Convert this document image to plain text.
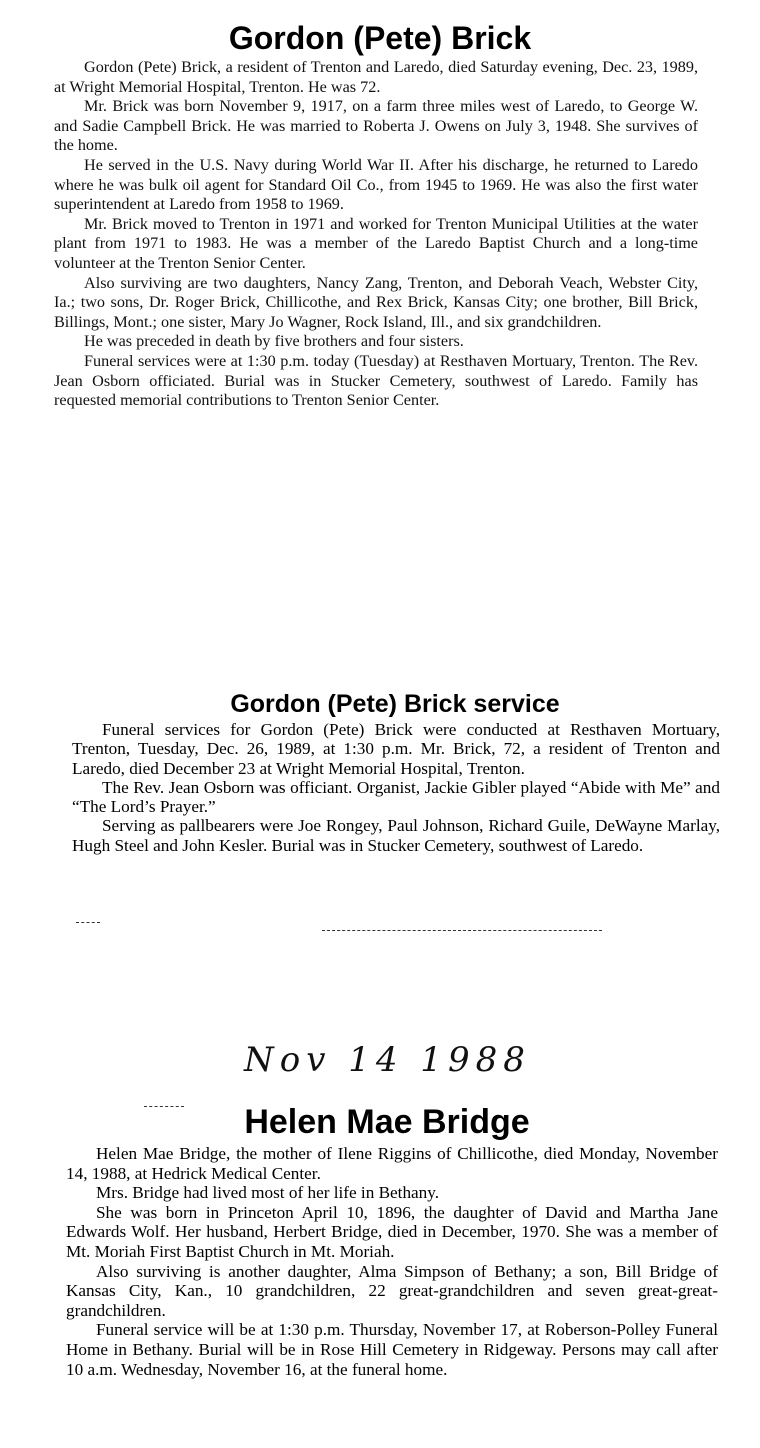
Gordon (Pete) Brick

Gordon (Pete) Brick, a resident of Trenton and Laredo, died Saturday evening, Dec. 23, 1989, at Wright Memorial Hospital, Trenton. He was 72.

Mr. Brick was born November 9, 1917, on a farm three miles west of Laredo, to George W. and Sadie Campbell Brick. He was married to Roberta J. Owens on July 3, 1948. She survives of the home.

He served in the U.S. Navy during World War II. After his discharge, he returned to Laredo where he was bulk oil agent for Standard Oil Co., from 1945 to 1969. He was also the first water superintendent at Laredo from 1958 to 1969.

Mr. Brick moved to Trenton in 1971 and worked for Trenton Municipal Utilities at the water plant from 1971 to 1983. He was a member of the Laredo Baptist Church and a long-time volunteer at the Trenton Senior Center.

Also surviving are two daughters, Nancy Zang, Trenton, and Deborah Veach, Webster City, Ia.; two sons, Dr. Roger Brick, Chillicothe, and Rex Brick, Kansas City; one brother, Bill Brick, Billings, Mont.; one sister, Mary Jo Wagner, Rock Island, Ill., and six grandchildren.

He was preceded in death by five brothers and four sisters.

Funeral services were at 1:30 p.m. today (Tuesday) at Resthaven Mortuary, Trenton. The Rev. Jean Osborn officiated. Burial was in Stucker Cemetery, southwest of Laredo. Family has requested memorial contributions to Trenton Senior Center.

Gordon (Pete) Brick service

Funeral services for Gordon (Pete) Brick were conducted at Resthaven Mortuary, Trenton, Tuesday, Dec. 26, 1989, at 1:30 p.m. Mr. Brick, 72, a resident of Trenton and Laredo, died December 23 at Wright Memorial Hospital, Trenton.

The Rev. Jean Osborn was officiant. Organist, Jackie Gibler played “Abide with Me” and “The Lord’s Prayer.”

Serving as pallbearers were Joe Rongey, Paul Johnson, Richard Guile, DeWayne Marlay, Hugh Steel and John Kesler. Burial was in Stucker Cemetery, southwest of Laredo.

Nov 14 1988
Helen Mae Bridge

Helen Mae Bridge, the mother of Ilene Riggins of Chillicothe, died Monday, November 14, 1988, at Hedrick Medical Center.

Mrs. Bridge had lived most of her life in Bethany.

She was born in Princeton April 10, 1896, the daughter of David and Martha Jane Edwards Wolf. Her husband, Herbert Bridge, died in December, 1970. She was a member of Mt. Moriah First Baptist Church in Mt. Moriah.

Also surviving is another daughter, Alma Simpson of Bethany; a son, Bill Bridge of Kansas City, Kan., 10 grandchildren, 22 great-grandchildren and seven great-great-grandchildren.

Funeral service will be at 1:30 p.m. Thursday, November 17, at Roberson-Polley Funeral Home in Bethany. Burial will be in Rose Hill Cemetery in Ridgeway. Persons may call after 10 a.m. Wednesday, November 16, at the funeral home.
